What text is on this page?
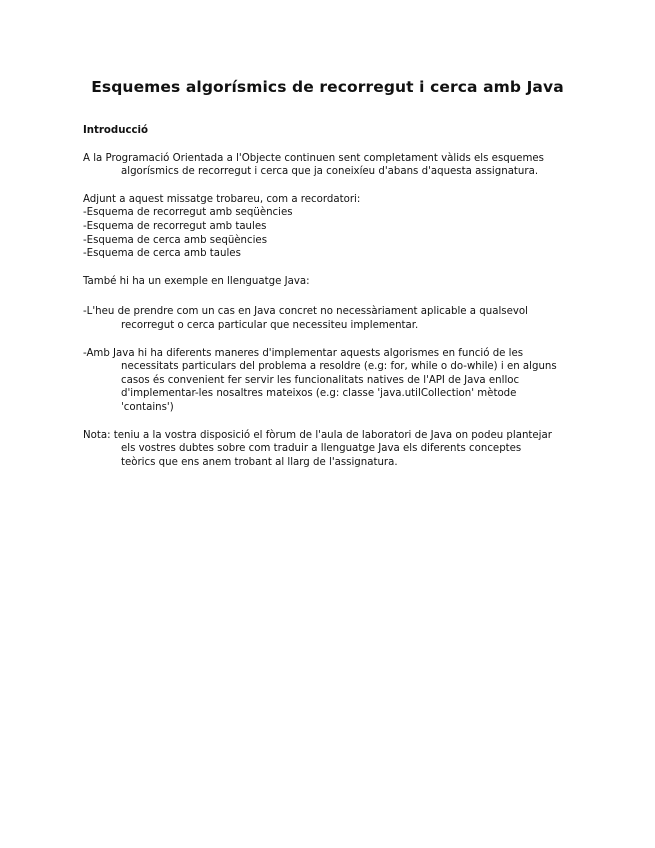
Esquemes algorísmics de recorregut i cerca amb Java
Introducció
A la Programació Orientada a l'Objecte continuen sent completament vàlids els esquemes
algorísmics de recorregut i cerca que ja coneixíeu d'abans d'aquesta assignatura.
Adjunt a aquest missatge trobareu, com a recordatori:
-Esquema de recorregut amb seqüències
-Esquema de recorregut amb taules
-Esquema de cerca amb seqüències
-Esquema de cerca amb taules
També hi ha un exemple en llenguatge Java:
-L'heu de prendre com un cas en Java concret no necessàriament aplicable a qualsevol
recorregut o cerca particular que necessiteu implementar.
-Amb Java hi ha diferents maneres d'implementar aquests algorismes en funció de les
necessitats particulars del problema a resoldre (e.g: for, while o do-while) i en alguns
casos és convenient fer servir les funcionalitats natives de l'API de Java enlloc
d'implementar-les nosaltres mateixos (e.g: classe 'java.utilCollection' mètode
'contains')
Nota: teniu a la vostra disposició el fòrum de l'aula de laboratori de Java on podeu plantejar
els vostres dubtes sobre com traduir a llenguatge Java els diferents conceptes
teòrics que ens anem trobant al llarg de l'assignatura.
